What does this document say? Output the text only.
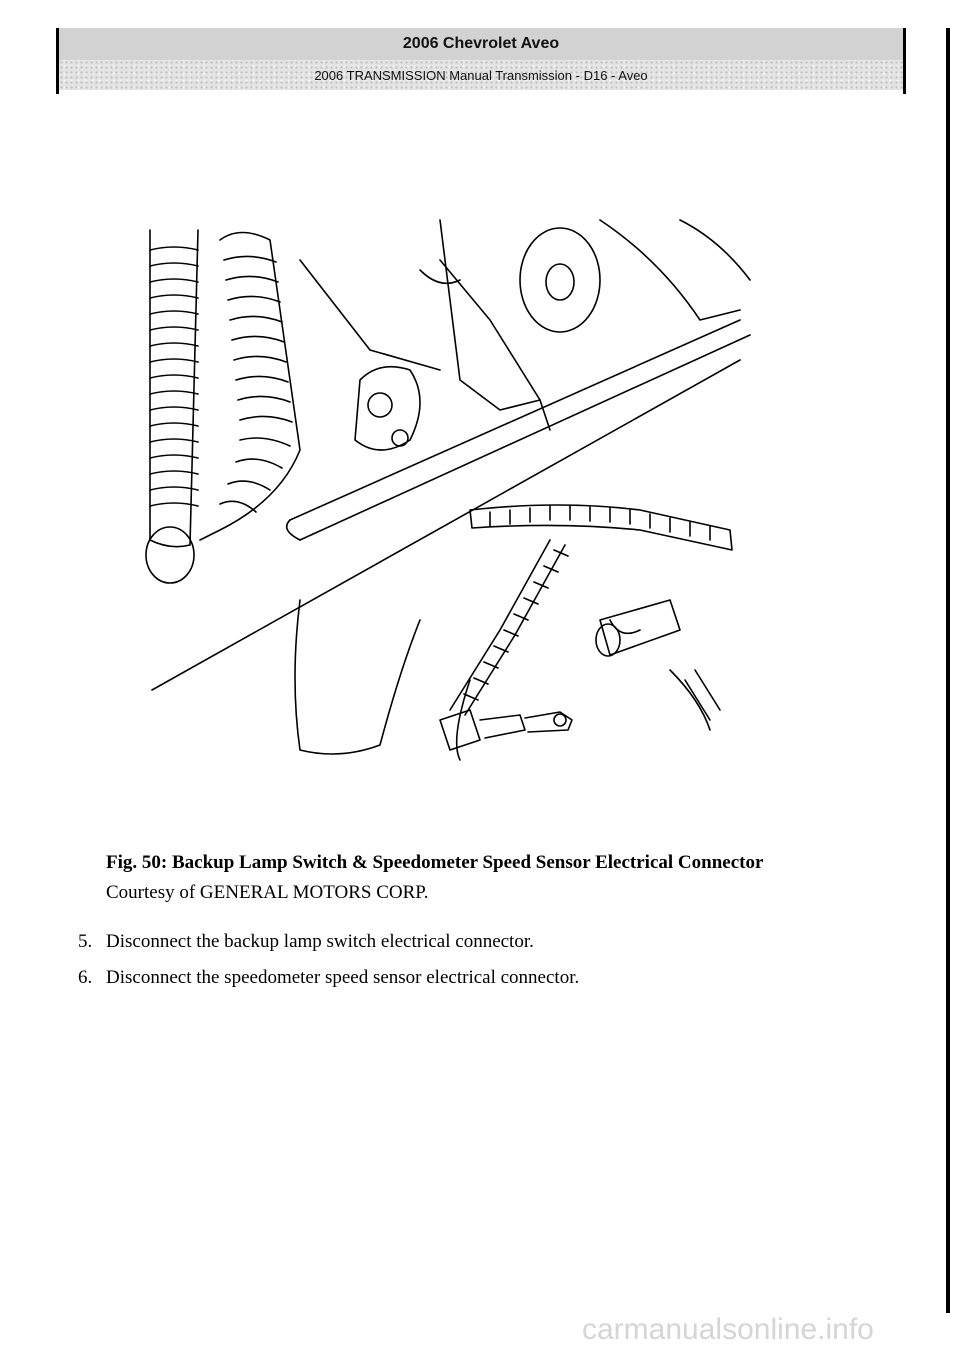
2006 Chevrolet Aveo
2006 TRANSMISSION Manual Transmission - D16 - Aveo
Fig. 50: Backup Lamp Switch & Speedometer Speed Sensor Electrical Connector
Courtesy of GENERAL MOTORS CORP.
5. Disconnect the backup lamp switch electrical connector.
6. Disconnect the speedometer speed sensor electrical connector.
carmanualsonline.info
